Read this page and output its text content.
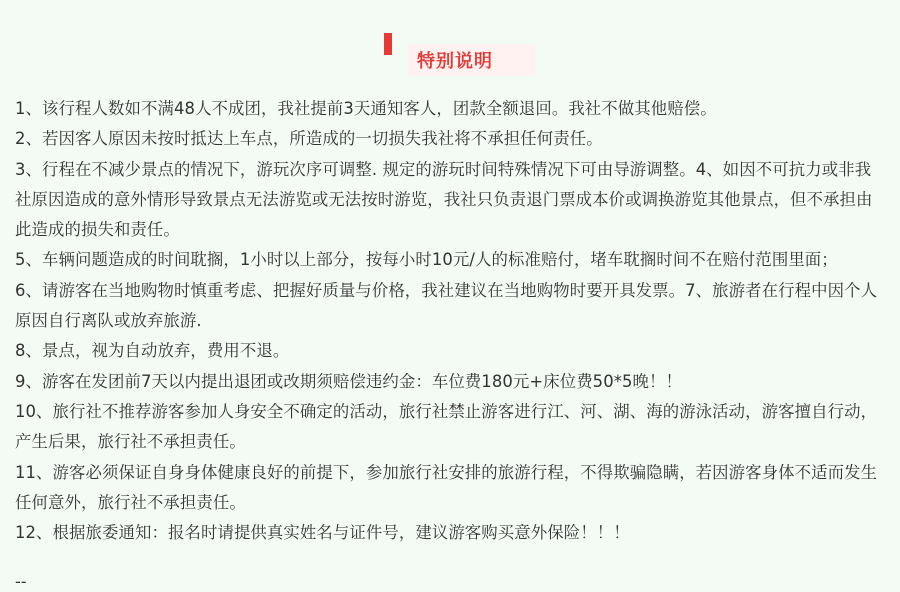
特别说明

1、该行程人数如不满48人不成团，我社提前3天通知客人，团款全额退回。我社不做其他赔偿。

2、若因客人原因未按时抵达上车点，所造成的一切损失我社将不承担任何责任。

3、行程在不减少景点的情况下，游玩次序可调整. 规定的游玩时间特殊情况下可由导游调整。4、如因不可抗力或非我社原因造成的意外情形导致景点无法游览或无法按时游览，我社只负责退门票成本价或调换游览其他景点，但不承担由此造成的损失和责任。

5、车辆问题造成的时间耽搁，1小时以上部分，按每小时10元/人的标准赔付，堵车耽搁时间不在赔付范围里面；

6、请游客在当地购物时慎重考虑、把握好质量与价格，我社建议在当地购物时要开具发票。7、旅游者在行程中因个人原因自行离队或放弃旅游.

8、景点，视为自动放弃，费用不退。

9、游客在发团前7天以内提出退团或改期须赔偿违约金：车位费180元+床位费50*5晚！！

10、旅行社不推荐游客参加人身安全不确定的活动，旅行社禁止游客进行江、河、湖、海的游泳活动，游客擅自行动，产生后果，旅行社不承担责任。

11、游客必须保证自身身体健康良好的前提下，参加旅行社安排的旅游行程，不得欺骗隐瞒，若因游客身体不适而发生任何意外，旅行社不承担责任。

12、根据旅委通知：报名时请提供真实姓名与证件号，建议游客购买意外保险！！！

--
